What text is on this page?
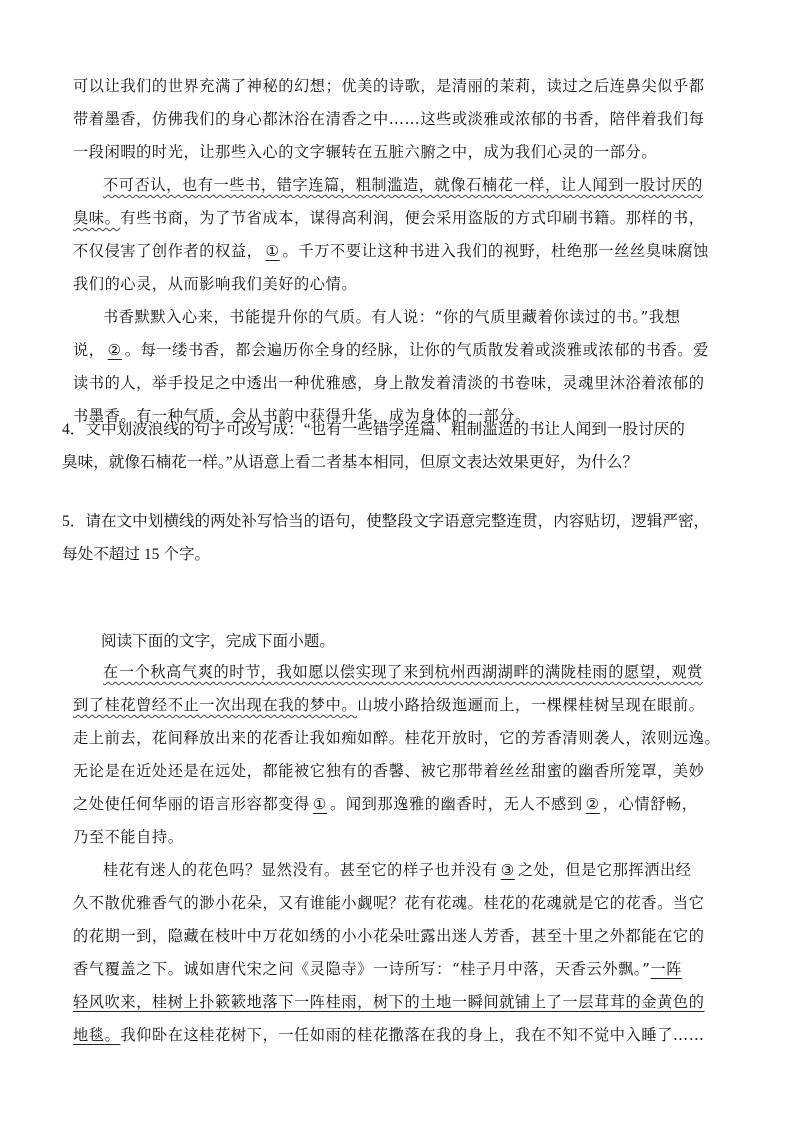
可以让我们的世界充满了神秘的幻想；优美的诗歌，是清丽的茉莉，读过之后连鼻尖似乎都
带着墨香，仿佛我们的身心都沐浴在清香之中……这些或淡雅或浓郁的书香，陪伴着我们每
一段闲暇的时光，让那些入心的文字辗转在五脏六腑之中，成为我们心灵的一部分。
不可否认，也有一些书，错字连篇，粗制滥造，就像石楠花一样，让人闻到一股讨厌的
臭味。有些书商，为了节省成本，谋得高利润，便会采用盗版的方式印刷书籍。那样的书，
不仅侵害了创作者的权益， ① 。千万不要让这种书进入我们的视野，杜绝那一丝丝臭味腐蚀
我们的心灵，从而影响我们美好的心情。
书香默默入心来，书能提升你的气质。有人说：“你的气质里藏着你读过的书。”我想
说， ② 。每一缕书香，都会遍历你全身的经脉，让你的气质散发着或淡雅或浓郁的书香。爱
读书的人，举手投足之中透出一种优雅感，身上散发着清淡的书卷味，灵魂里沐浴着浓郁的
书墨香。有一种气质，会从书韵中获得升华，成为身体的一部分。
4．文中划波浪线的句子可改写成：“也有一些错字连篇、粗制滥造的书让人闻到一股讨厌的
臭味，就像石楠花一样。”从语意上看二者基本相同，但原文表达效果更好，为什么？
5．请在文中划横线的两处补写恰当的语句，使整段文字语意完整连贯，内容贴切，逻辑严密，
每处不超过 15 个字。
阅读下面的文字，完成下面小题。
在一个秋高气爽的时节，我如愿以偿实现了来到杭州西湖湖畔的满陇桂雨的愿望，观赏
到了桂花曾经不止一次出现在我的梦中。山坡小路拾级迤逦而上，一棵棵桂树呈现在眼前。
走上前去，花间释放出来的花香让我如痴如醉。桂花开放时，它的芳香清则袭人，浓则远逸。
无论是在近处还是在远处，都能被它独有的香馨、被它那带着丝丝甜蜜的幽香所笼罩，美妙
之处使任何华丽的语言形容都变得 ① 。闻到那逸雅的幽香时，无人不感到 ② ，心情舒畅，
乃至不能自持。
桂花有迷人的花色吗？显然没有。甚至它的样子也并没有 ③ 之处，但是它那挥洒出经
久不散优雅香气的渺小花朵，又有谁能小觑呢？花有花魂。桂花的花魂就是它的花香。当它
的花期一到，隐藏在枝叶中万花如绣的小小花朵吐露出迷人芳香，甚至十里之外都能在它的
香气覆盖之下。诚如唐代宋之问《灵隐寺》一诗所写：“桂子月中落，天香云外飘。”一阵
轻风吹来，桂树上扑簌簌地落下一阵桂雨，树下的土地一瞬间就铺上了一层茸茸的金黄色的
地毯。我仰卧在这桂花树下，一任如雨的桂花撒落在我的身上，我在不知不觉中入睡了……
